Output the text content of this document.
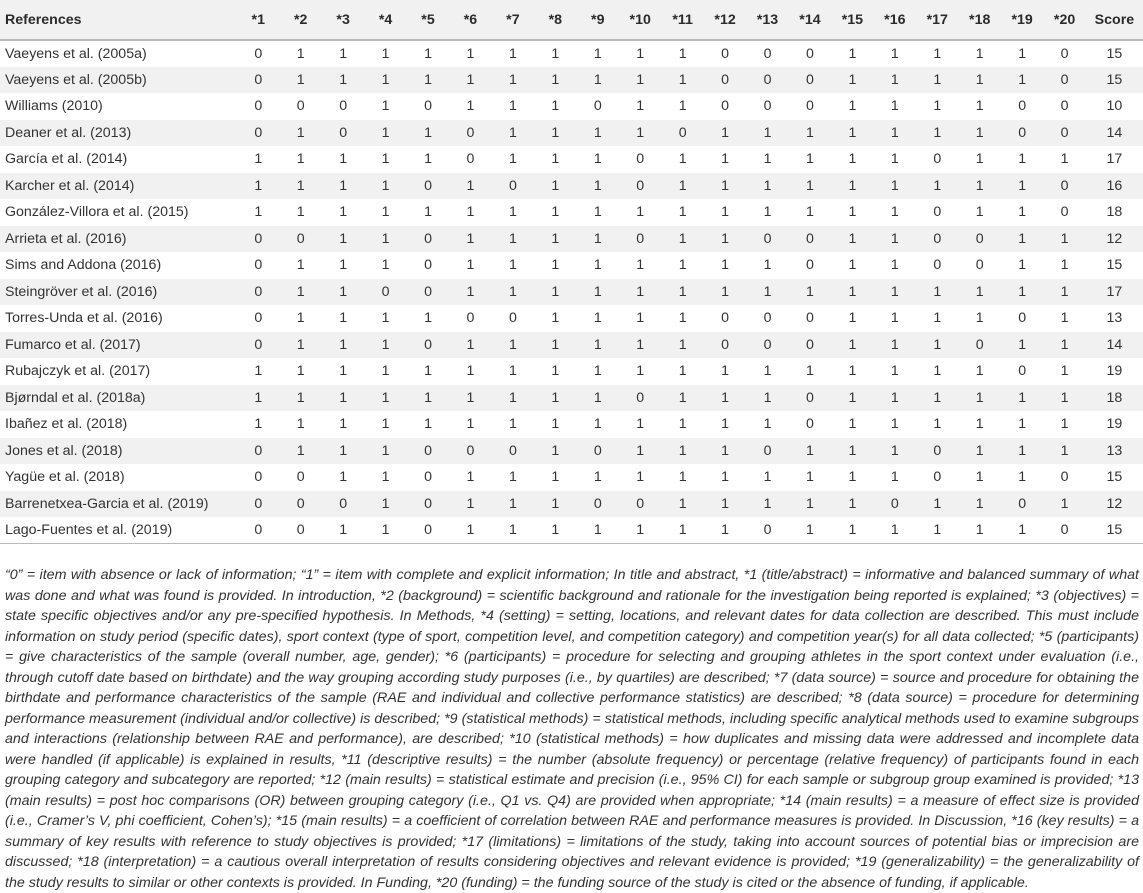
References	*1	*2	*3	*4	*5	*6	*7	*8	*9	*10	*11	*12	*13	*14	*15	*16	*17	*18	*19	*20	Score
Vaeyens et al. (2005a)	0	1	1	1	1	1	1	1	1	1	1	0	0	0	1	1	1	1	1	0	15
Vaeyens et al. (2005b)	0	1	1	1	1	1	1	1	1	1	1	0	0	0	1	1	1	1	1	0	15
Williams (2010)	0	0	0	1	0	1	1	1	0	1	1	0	0	0	1	1	1	1	0	0	10
Deaner et al. (2013)	0	1	0	1	1	0	1	1	1	1	0	1	1	1	1	1	1	1	0	0	14
García et al. (2014)	1	1	1	1	1	0	1	1	1	0	1	1	1	1	1	1	0	1	1	1	17
Karcher et al. (2014)	1	1	1	1	0	1	0	1	1	0	1	1	1	1	1	1	1	1	1	0	16
González-Villora et al. (2015)	1	1	1	1	1	1	1	1	1	1	1	1	1	1	1	1	0	1	1	0	18
Arrieta et al. (2016)	0	0	1	1	0	1	1	1	1	0	1	1	0	0	1	1	0	0	1	1	12
Sims and Addona (2016)	0	1	1	1	0	1	1	1	1	1	1	1	1	0	1	1	0	0	1	1	15
Steingröver et al. (2016)	0	1	1	0	0	1	1	1	1	1	1	1	1	1	1	1	1	1	1	1	17
Torres-Unda et al. (2016)	0	1	1	1	1	0	0	1	1	1	1	0	0	0	1	1	1	1	0	1	13
Fumarco et al. (2017)	0	1	1	1	0	1	1	1	1	1	1	0	0	0	1	1	1	0	1	1	14
Rubajczyk et al. (2017)	1	1	1	1	1	1	1	1	1	1	1	1	1	1	1	1	1	1	0	1	19
Bjørndal et al. (2018a)	1	1	1	1	1	1	1	1	1	0	1	1	1	0	1	1	1	1	1	1	18
Ibañez et al. (2018)	1	1	1	1	1	1	1	1	1	1	1	1	1	0	1	1	1	1	1	1	19
Jones et al. (2018)	0	1	1	1	0	0	0	1	0	1	1	1	0	1	1	1	0	1	1	1	13
Yagüe et al. (2018)	0	0	1	1	0	1	1	1	1	1	1	1	1	1	1	1	0	1	1	0	15
Barrenetxea-Garcia et al. (2019)	0	0	0	1	0	1	1	1	0	0	1	1	1	1	1	0	1	1	0	1	12
Lago-Fuentes et al. (2019)	0	0	1	1	0	1	1	1	1	1	1	1	0	1	1	1	1	1	1	0	15

“0” = item with absence or lack of information; “1” = item with complete and explicit information; In title and abstract, *1 (title/abstract) = informative and balanced summary of what was done and what was found is provided. In introduction, *2 (background) = scientific background and rationale for the investigation being reported is explained; *3 (objectives) = state specific objectives and/or any pre-specified hypothesis. In Methods, *4 (setting) = setting, locations, and relevant dates for data collection are described. This must include information on study period (specific dates), sport context (type of sport, competition level, and competition category) and competition year(s) for all data collected; *5 (participants) = give characteristics of the sample (overall number, age, gender); *6 (participants) = procedure for selecting and grouping athletes in the sport context under evaluation (i.e., through cutoff date based on birthdate) and the way grouping according study purposes (i.e., by quartiles) are described; *7 (data source) = source and procedure for obtaining the birthdate and performance characteristics of the sample (RAE and individual and collective performance statistics) are described; *8 (data source) = procedure for determining performance measurement (individual and/or collective) is described; *9 (statistical methods) = statistical methods, including specific analytical methods used to examine subgroups and interactions (relationship between RAE and performance), are described; *10 (statistical methods) = how duplicates and missing data were addressed and incomplete data were handled (if applicable) is explained in results, *11 (descriptive results) = the number (absolute frequency) or percentage (relative frequency) of participants found in each grouping category and subcategory are reported; *12 (main results) = statistical estimate and precision (i.e., 95% CI) for each sample or subgroup group examined is provided; *13 (main results) = post hoc comparisons (OR) between grouping category (i.e., Q1 vs. Q4) are provided when appropriate; *14 (main results) = a measure of effect size is provided (i.e., Cramer’s V, phi coefficient, Cohen’s); *15 (main results) = a coefficient of correlation between RAE and performance measures is provided. In Discussion, *16 (key results) = a summary of key results with reference to study objectives is provided; *17 (limitations) = limitations of the study, taking into account sources of potential bias or imprecision are discussed; *18 (interpretation) = a cautious overall interpretation of results considering objectives and relevant evidence is provided; *19 (generalizability) = the generalizability of the study results to similar or other contexts is provided. In Funding, *20 (funding) = the funding source of the study is cited or the absence of funding, if applicable.
